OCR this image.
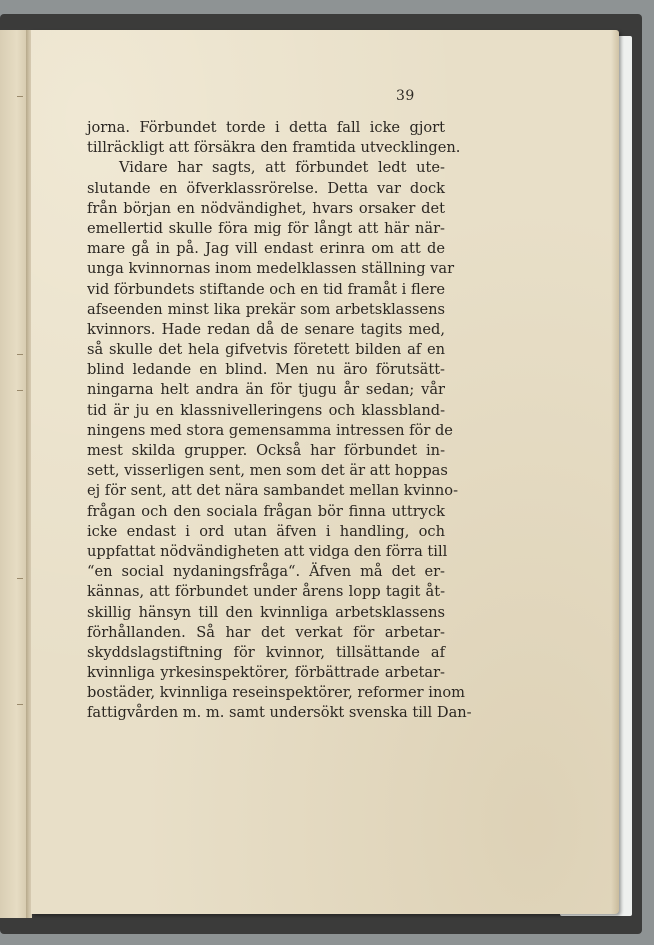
39
jorna. Förbundet torde i detta fall icke gjort
tillräckligt att försäkra den framtida utvecklingen.
Vidare har sagts, att förbundet ledt ute-
slutande en öfverklassrörelse. Detta var dock
från början en nödvändighet, hvars orsaker det
emellertid skulle föra mig för långt att här när-
mare gå in på. Jag vill endast erinra om att de
unga kvinnornas inom medelklassen ställning var
vid förbundets stiftande och en tid framåt i flere
afseenden minst lika prekär som arbetsklassens
kvinnors. Hade redan då de senare tagits med,
så skulle det hela gifvetvis företett bilden af en
blind ledande en blind. Men nu äro förutsätt-
ningarna helt andra än för tjugu år sedan; vår
tid är ju en klassnivelleringens och klassbland-
ningens med stora gemensamma intressen för de
mest skilda grupper. Också har förbundet in-
sett, visserligen sent, men som det är att hoppas
ej för sent, att det nära sambandet mellan kvinno-
frågan och den sociala frågan bör finna uttryck
icke endast i ord utan äfven i handling, och
uppfattat nödvändigheten att vidga den förra till
“en social nydaningsfråga“. Äfven må det er-
kännas, att förbundet under årens lopp tagit åt-
skillig hänsyn till den kvinnliga arbetsklassens
förhållanden. Så har det verkat för arbetar-
skyddslagstiftning för kvinnor, tillsättande af
kvinnliga yrkesinspektörer, förbättrade arbetar-
bostäder, kvinnliga reseinspektörer, reformer inom
fattigvården m. m. samt undersökt svenska till Dan-
